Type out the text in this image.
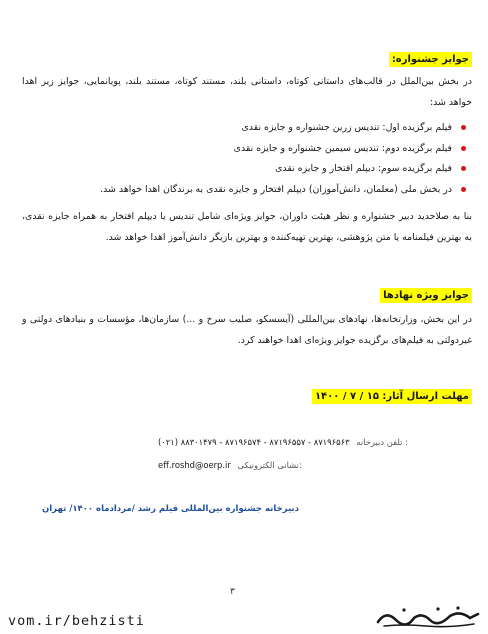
جوایز جشنواره:

در بخش بین‌الملل در قالب‌های داستانی کوتاه، داستانی بلند، مستند کوتاه، مستند بلند، پویانمایی، جوایز زیر اهدا خواهد شد:

فیلم برگزیده اول: تندیس زرین جشنواره و جایزه نقدی
فیلم برگزیده دوم: تندیس سیمین جشنواره و جایزه نقدی
فیلم برگزیده سوم: دیپلم افتخار و جایزه نقدی
در بخش ملی (معلمان، دانش‌آموزان) دیپلم افتخار و جایزه نقدی به برندگان اهدا خواهد شد.

بنا به صلاحدید دبیر جشنواره و نظر هیئت داوران، جوایز ویژه‌ای شامل تندیس یا دیپلم افتخار به همراه جایزه نقدی، به بهترین فیلمنامه یا متن پژوهشی، بهترین تهیه‌کننده و بهترین بازیگر دانش‌آموز اهدا خواهد شد.

جوایز ویژه نهادها

در این بخش، وزارتخانه‌ها، نهادهای بین‌المللی (آیسسکو، صلیب سرخ و ...) سازمان‌ها، مؤسسات و بنیادهای دولتی و غیردولتی به فیلم‌های برگزیده جوایز ویژه‌ای اهدا خواهند کرد.

مهلت ارسال آثار: ۱۵ / ۷ / ۱۴۰۰
(۰۲۱) ۸۸۳۰۱۴۷۹ - ۸۷۱۹۶۵۷۴ - ۸۷۱۹۶۵۵۷ - ۸۷۱۹۶۵۶۳ تلفن دبیرخانه :
eff.roshd@oerp.ir نشانی الکترونیکی:
دبیرخانه جشنواره بین‌المللی فیلم رشد /مردادماه ۱۴۰۰/ تهران
۳
vom.ir/behzisti
